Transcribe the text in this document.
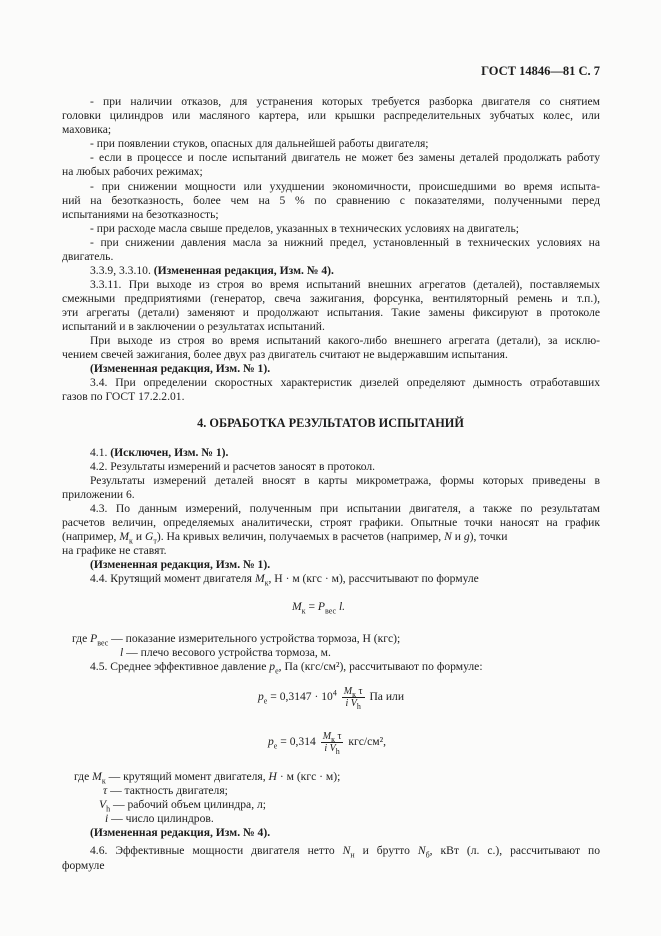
ГОСТ 14846—81 С. 7
- при наличии отказов, для устранения которых требуется разборка двигателя со снятием
головки цилиндров или масляного картера, или крышки распределительных зубчатых колес, или
маховика;
- при появлении стуков, опасных для дальнейшей работы двигателя;
- если в процессе и после испытаний двигатель не может без замены деталей продолжать работу
на любых рабочих режимах;
- при снижении мощности или ухудшении экономичности, происшедшими во время испыта-
ний на безотказность, более чем на 5 % по сравнению с показателями, полученными перед
испытаниями на безотказность;
- при расходе масла свыше пределов, указанных в технических условиях на двигатель;
- при снижении давления масла за нижний предел, установленный в технических условиях на
двигатель.
3.3.9, 3.3.10. (Измененная редакция, Изм. № 4).
3.3.11. При выходе из строя во время испытаний внешних агрегатов (деталей), поставляемых
смежными предприятиями (генератор, свеча зажигания, форсунка, вентиляторный ремень и т.п.),
эти агрегаты (детали) заменяют и продолжают испытания. Такие замены фиксируют в протоколе
испытаний и в заключении о результатах испытаний.
При выходе из строя во время испытаний какого-либо внешнего агрегата (детали), за исклю-
чением свечей зажигания, более двух раз двигатель считают не выдержавшим испытания.
(Измененная редакция, Изм. № 1).
3.4. При определении скоростных характеристик дизелей определяют дымность отработавших
газов по ГОСТ 17.2.2.01.
4. ОБРАБОТКА РЕЗУЛЬТАТОВ ИСПЫТАНИЙ
4.1. (Исключен, Изм. № 1).
4.2. Результаты измерений и расчетов заносят в протокол.
Результаты измерений деталей вносят в карты микрометража, формы которых приведены в
приложении 6.
4.3. По данным измерений, полученным при испытании двигателя, а также по результатам
расчетов величин, определяемых аналитически, строят графики. Опытные точки наносят на график
(например, $M_к$ и $G_т$). На кривых величин, получаемых в расчетов (например, N и g), точки
на графике не ставят.
(Измененная редакция, Изм. № 1).
4.4. Крутящий момент двигателя $M_к$, Н · м (кгс · м), рассчитывают по формуле
$M_к = P_{вес}$ l.
где $P_{вес}$ — показание измерительного устройства тормоза, Н (кгс);
l — плечо весового устройства тормоза, м.
4.5. Среднее эффективное давление $p_e$, Па (кгс/см²), рассчитывают по формуле:
$p_e = 0,3147 \cdot 10^4 \frac{M_к \tau}{i V_h}$ Па или
$p_e = 0,314 \frac{M_к \tau}{i V_h} кгс/см^2$,
где $M_к$ — крутящий момент двигателя, H · м (кгс · м);
τ — тактность двигателя;
$V_h$ — рабочий объем цилиндра, л;
i — число цилиндров.
(Измененная редакция, Изм. № 4).
4.6. Эффективные мощности двигателя нетто $N_н$ и брутто $N_б$, кВт (л. с.), рассчитывают по
формуле
